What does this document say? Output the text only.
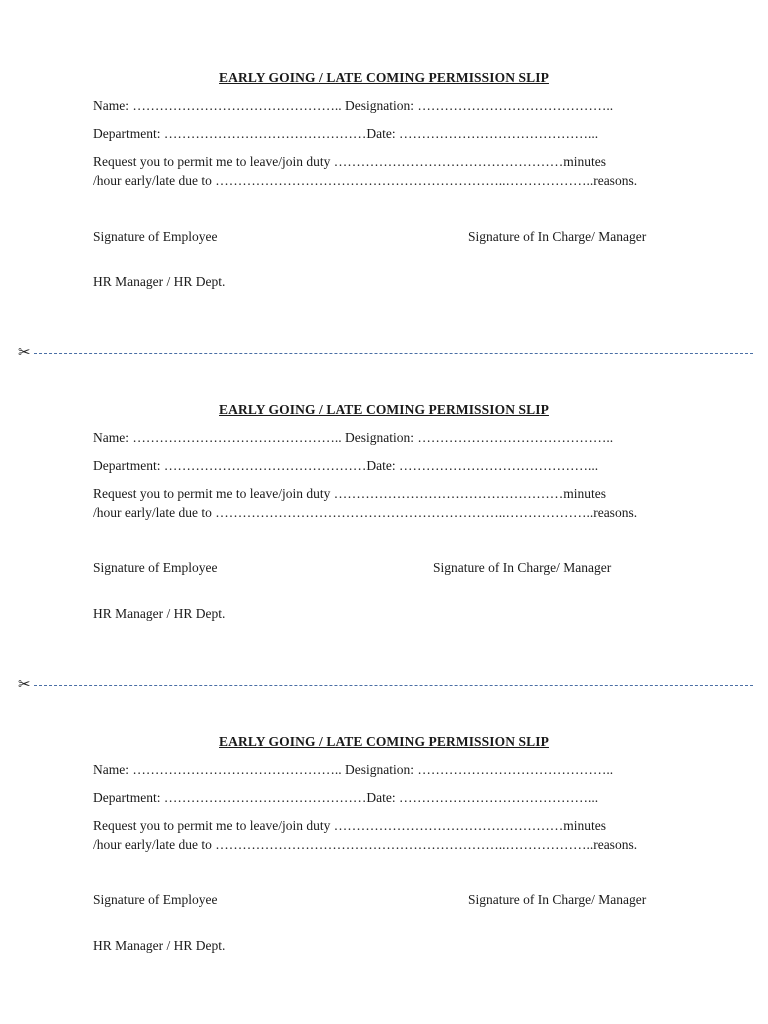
EARLY GOING / LATE COMING PERMISSION SLIP
Name: ……………………………………….. Designation: ……………………………………..
Department: ………………………………………Date: ……………………………………...
Request you to permit me to leave/join duty ……………………………………………minutes
/hour early/late due to ………………………………………………………..………………..reasons.
Signature of Employee	Signature of In Charge/ Manager
HR Manager / HR Dept.
✂
EARLY GOING / LATE COMING PERMISSION SLIP
Name: ……………………………………….. Designation: ……………………………………..
Department: ………………………………………Date: ……………………………………...
Request you to permit me to leave/join duty ……………………………………………minutes
/hour early/late due to ………………………………………………………..………………..reasons.
Signature of Employee	Signature of In Charge/ Manager
HR Manager / HR Dept.
✂
EARLY GOING / LATE COMING PERMISSION SLIP
Name: ……………………………………….. Designation: ……………………………………..
Department: ………………………………………Date: ……………………………………...
Request you to permit me to leave/join duty ……………………………………………minutes
/hour early/late due to ………………………………………………………..………………..reasons.
Signature of Employee	Signature of In Charge/ Manager
HR Manager / HR Dept.
